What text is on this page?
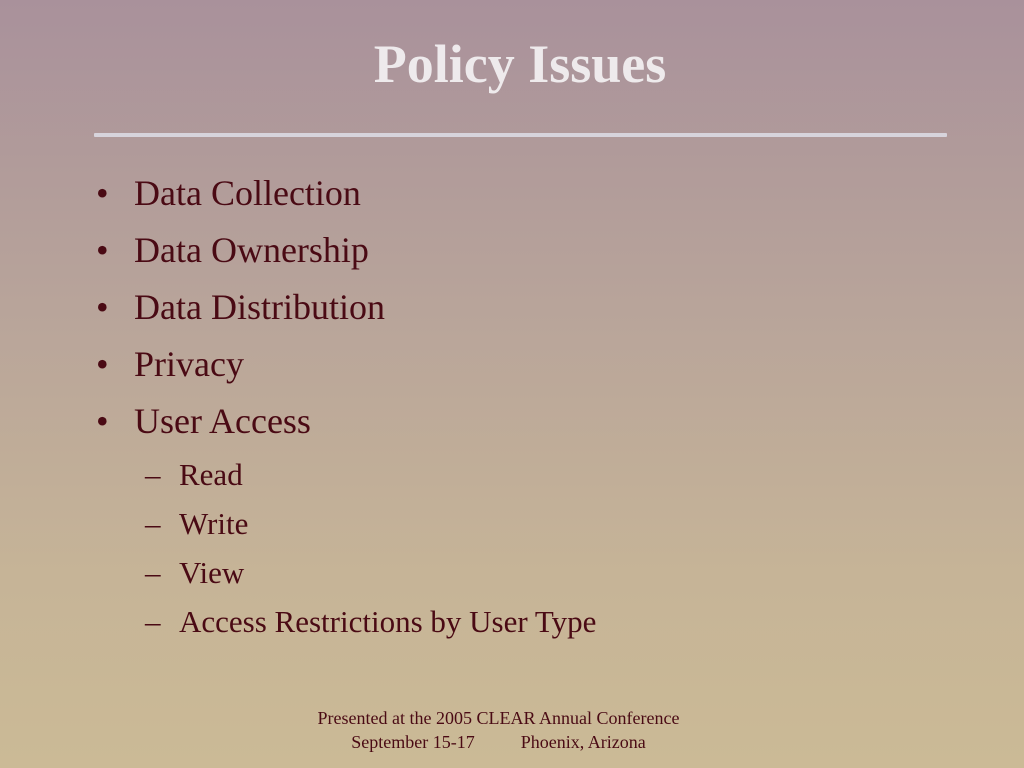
Policy Issues
• Data Collection
• Data Ownership
• Data Distribution
• Privacy
• User Access
– Read
– Write
– View
– Access Restrictions by User Type
Presented at the 2005 CLEAR Annual Conference
September 15-17	Phoenix, Arizona
